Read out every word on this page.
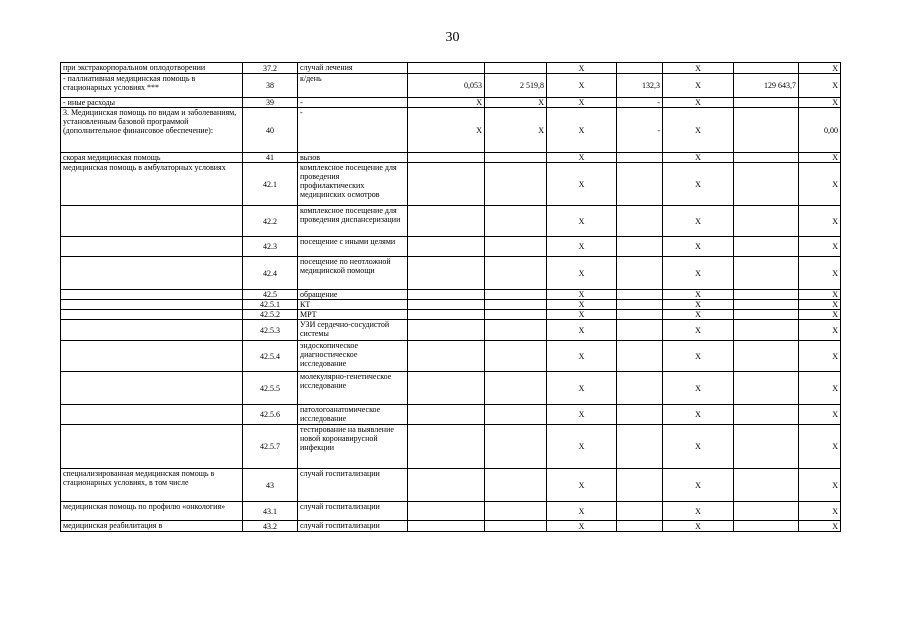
30
при экстракорпоральном оплодотворении	37.2	случай лечения			X		X		X
- паллиативная медицинская помощь в стационарных условиях ***	38	к/день	0,053	2 519,8	X	132,3	X	129 643,7	X
- иные расходы	39	-	X	X	X	-	X		X
3. Медицинская помощь по видам и заболеваниям, установленным базовой программой (дополнительное финансовое обеспечение):	40	-	X	X	X	-	X		0,00
скорая медицинская помощь	41	вызов			X		X		X
медицинская помощь в амбулаторных условиях	42.1	комплексное посещение для проведения профилактических медицинских осмотров			X		X		X
	42.2	комплексное посещение для проведения диспансеризации			X		X		X
	42.3	посещение с иными целями			X		X		X
	42.4	посещение по неотложной медицинской помощи			X		X		X
	42.5	обращение			X		X		X
	42.5.1	КТ			X		X		X
	42.5.2	МРТ			X		X		X
	42.5.3	УЗИ сердечно-сосудистой системы			X		X		X
	42.5.4	эндоскопическое диагностическое исследование			X		X		X
	42.5.5	молекулярно-генетическое исследование			X		X		X
	42.5.6	патологоанатомическое исследование			X		X		X
	42.5.7	тестирование на выявление новой коронавирусной инфекции			X		X		X
специализированная медицинская помощь в стационарных условиях, в том числе	43	случай госпитализации			X		X		X
медицинская помощь по профилю «онкология»	43.1	случай госпитализации			X		X		X
медицинская реабилитация в	43.2	случай госпитализации			X		X		X
